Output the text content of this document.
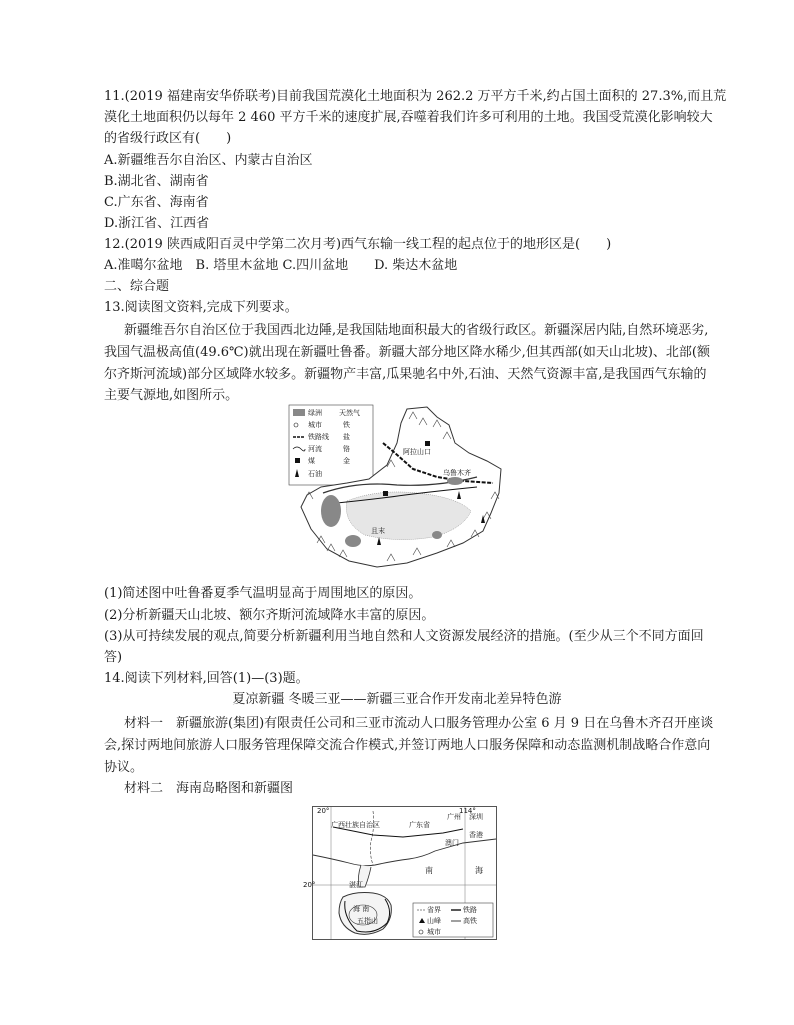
11.(2019 福建南安华侨联考)目前我国荒漠化土地面积为 262.2 万平方千米,约占国土面积的 27.3%,而且荒
漠化土地面积仍以每年 2 460 平方千米的速度扩展,吞噬着我们许多可利用的土地。我国受荒漠化影响较大
的省级行政区有(　　)
A.新疆维吾尔自治区、内蒙古自治区
B.湖北省、湖南省
C.广东省、海南省
D.浙江省、江西省
12.(2019 陕西咸阳百灵中学第二次月考)西气东输一线工程的起点位于的地形区是(　　)
A.准噶尔盆地　B. 塔里木盆地 C.四川盆地　　D. 柴达木盆地
二、综合题
13.阅读图文资料,完成下列要求。
新疆维吾尔自治区位于我国西北边陲,是我国陆地面积最大的省级行政区。新疆深居内陆,自然环境恶劣,
我国气温极高值(49.6℃)就出现在新疆吐鲁番。新疆大部分地区降水稀少,但其西部(如天山北坡)、北部(额
尔齐斯河流域)部分区域降水较多。新疆物产丰富,瓜果驰名中外,石油、天然气资源丰富,是我国西气东输的
主要气源地,如图所示。
绿洲 天然气
城市	铁
铁路线 盐
河流	铬
煤	金
石油
阿拉山口
乌鲁木齐
且末
(1)简述图中吐鲁番夏季气温明显高于周围地区的原因。
(2)分析新疆天山北坡、额尔齐斯河流域降水丰富的原因。
(3)从可持续发展的观点,简要分析新疆利用当地自然和人文资源发展经济的措施。(至少从三个不同方面回
答)
14.阅读下列材料,回答(1)—(3)题。
夏凉新疆 冬暖三亚——新疆三亚合作开发南北差异特色游
材料一　新疆旅游(集团)有限责任公司和三亚市流动人口服务管理办公室 6 月 9 日在乌鲁木齐召开座谈
会,探讨两地间旅游人口服务管理保障交流合作模式,并签订两地人口服务保障和动态监测机制战略合作意向
协议。
材料二　海南岛略图和新疆图
20°	114°
20°
广西壮族自治区	广东省
广州 深圳
香港
澳门
南	海
湛江
海 南
五指山
省界	铁路
山峰	高铁
城市
